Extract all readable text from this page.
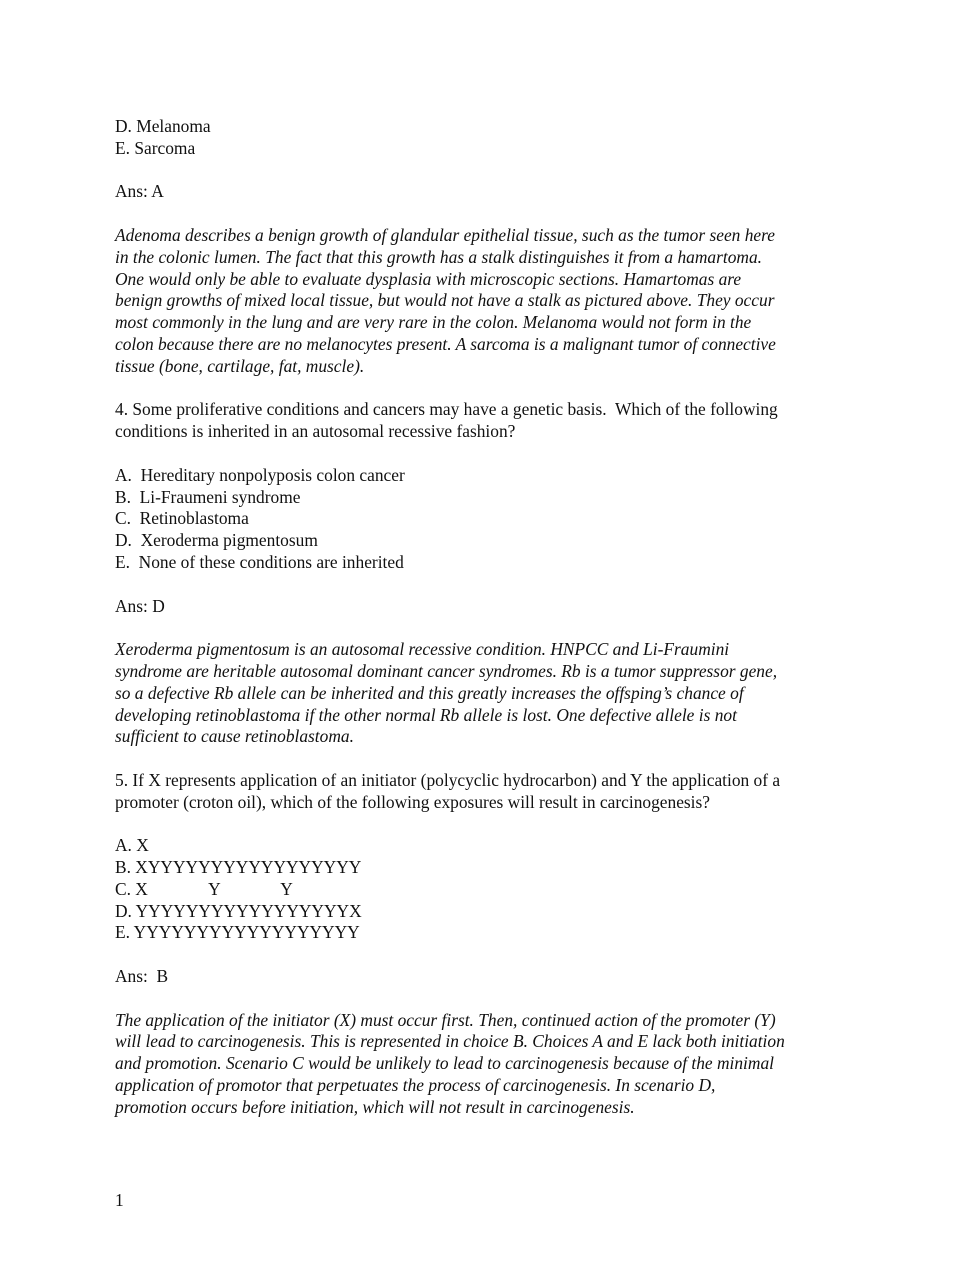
D. Melanoma
E. Sarcoma
Ans: A
Adenoma describes a benign growth of glandular epithelial tissue, such as the tumor seen here
in the colonic lumen. The fact that this growth has a stalk distinguishes it from a hamartoma.
One would only be able to evaluate dysplasia with microscopic sections. Hamartomas are
benign growths of mixed local tissue, but would not have a stalk as pictured above. They occur
most commonly in the lung and are very rare in the colon. Melanoma would not form in the
colon because there are no melanocytes present. A sarcoma is a malignant tumor of connective
tissue (bone, cartilage, fat, muscle).
4. Some proliferative conditions and cancers may have a genetic basis.  Which of the following
conditions is inherited in an autosomal recessive fashion?
A.  Hereditary nonpolyposis colon cancer
B.  Li-Fraumeni syndrome
C.  Retinoblastoma
D.  Xeroderma pigmentosum
E.  None of these conditions are inherited
Ans: D
Xeroderma pigmentosum is an autosomal recessive condition. HNPCC and Li-Fraumini
syndrome are heritable autosomal dominant cancer syndromes. Rb is a tumor suppressor gene,
so a defective Rb allele can be inherited and this greatly increases the offsping’s chance of
developing retinoblastoma if the other normal Rb allele is lost. One defective allele is not
sufficient to cause retinoblastoma.
5. If X represents application of an initiator (polycyclic hydrocarbon) and Y the application of a
promoter (croton oil), which of the following exposures will result in carcinogenesis?
A. X
B. XYYYYYYYYYYYYYYYYY
C. X              Y              Y
D. YYYYYYYYYYYYYYYYYX
E. YYYYYYYYYYYYYYYYYY
Ans:  B
The application of the initiator (X) must occur first. Then, continued action of the promoter (Y)
will lead to carcinogenesis. This is represented in choice B. Choices A and E lack both initiation
and promotion. Scenario C would be unlikely to lead to carcinogenesis because of the minimal
application of promotor that perpetuates the process of carcinogenesis. In scenario D,
promotion occurs before initiation, which will not result in carcinogenesis.
1
